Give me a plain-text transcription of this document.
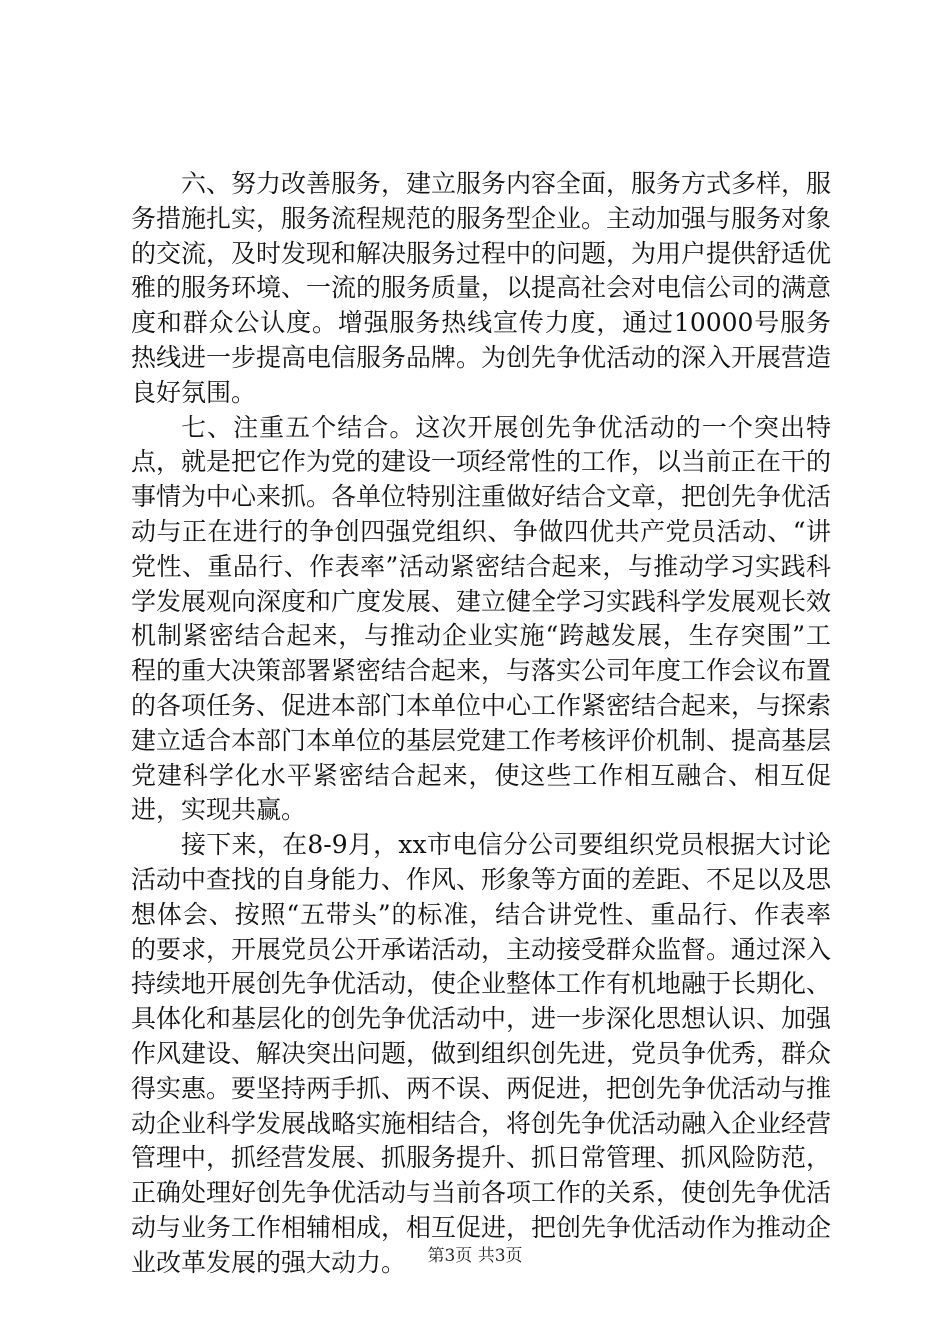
六、努力改善服务，建立服务内容全面，服务方式多样，服务措施扎实，服务流程规范的服务型企业。主动加强与服务对象的交流，及时发现和解决服务过程中的问题，为用户提供舒适优雅的服务环境、一流的服务质量，以提高社会对电信公司的满意度和群众公认度。增强服务热线宣传力度，通过10000号服务热线进一步提高电信服务品牌。为创先争优活动的深入开展营造良好氛围。

七、注重五个结合。这次开展创先争优活动的一个突出特点，就是把它作为党的建设一项经常性的工作，以当前正在干的事情为中心来抓。各单位特别注重做好结合文章，把创先争优活动与正在进行的争创四强党组织、争做四优共产党员活动、“讲党性、重品行、作表率”活动紧密结合起来，与推动学习实践科学发展观向深度和广度发展、建立健全学习实践科学发展观长效机制紧密结合起来，与推动企业实施“跨越发展，生存突围”工程的重大决策部署紧密结合起来，与落实公司年度工作会议布置的各项任务、促进本部门本单位中心工作紧密结合起来，与探索建立适合本部门本单位的基层党建工作考核评价机制、提高基层党建科学化水平紧密结合起来，使这些工作相互融合、相互促进，实现共赢。

接下来，在8-9月，xx市电信分公司要组织党员根据大讨论活动中查找的自身能力、作风、形象等方面的差距、不足以及思想体会、按照“五带头”的标准，结合讲党性、重品行、作表率的要求，开展党员公开承诺活动，主动接受群众监督。通过深入持续地开展创先争优活动，使企业整体工作有机地融于长期化、具体化和基层化的创先争优活动中，进一步深化思想认识、加强作风建设、解决突出问题，做到组织创先进，党员争优秀，群众得实惠。要坚持两手抓、两不误、两促进，把创先争优活动与推动企业科学发展战略实施相结合，将创先争优活动融入企业经营管理中，抓经营发展、抓服务提升、抓日常管理、抓风险防范，正确处理好创先争优活动与当前各项工作的关系，使创先争优活动与业务工作相辅相成，相互促进，把创先争优活动作为推动企业改革发展的强大动力。	第3页 共3页
